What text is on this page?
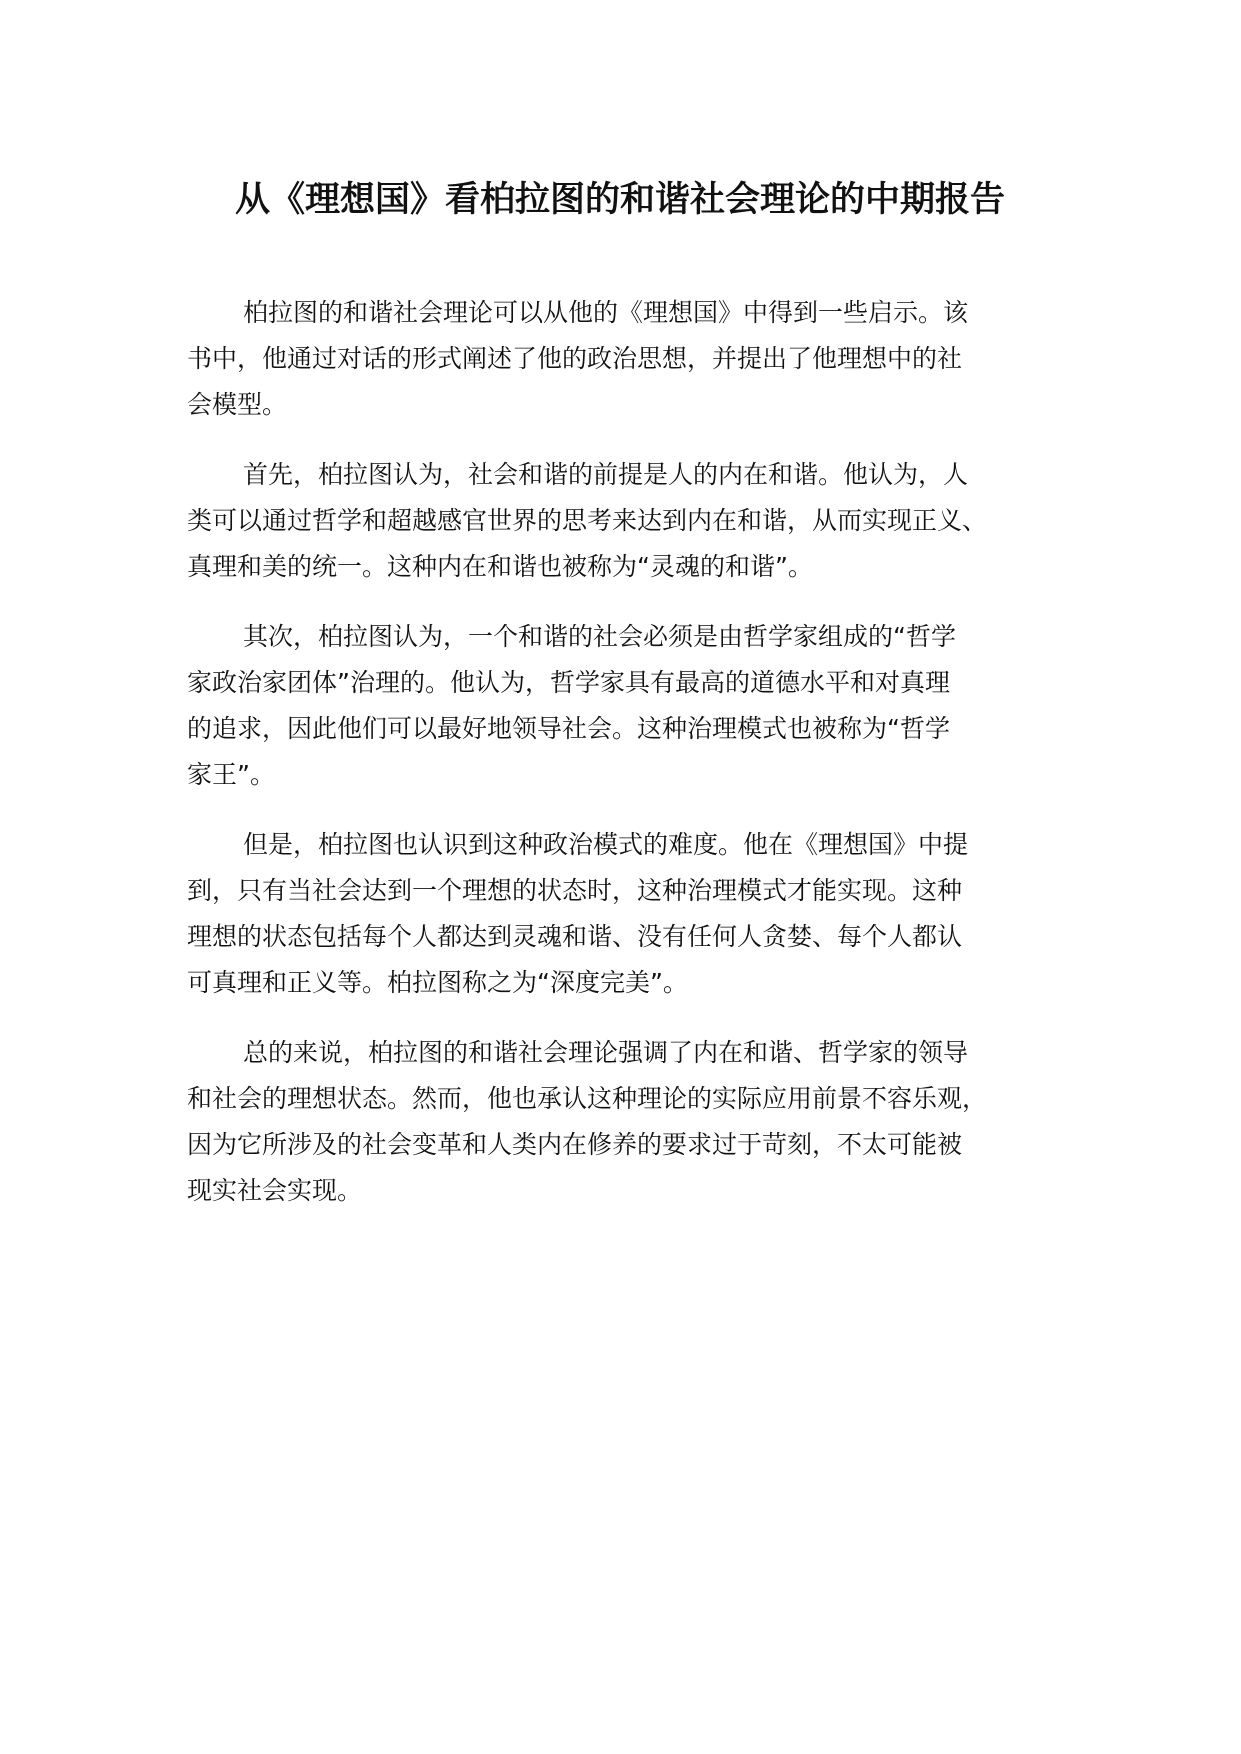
从《理想国》看柏拉图的和谐社会理论的中期报告
柏拉图的和谐社会理论可以从他的《理想国》中得到一些启示。该
书中，他通过对话的形式阐述了他的政治思想，并提出了他理想中的社
会模型。
首先，柏拉图认为，社会和谐的前提是人的内在和谐。他认为，人
类可以通过哲学和超越感官世界的思考来达到内在和谐，从而实现正义、
真理和美的统一。这种内在和谐也被称为“灵魂的和谐”。
其次，柏拉图认为，一个和谐的社会必须是由哲学家组成的“哲学
家政治家团体”治理的。他认为，哲学家具有最高的道德水平和对真理
的追求，因此他们可以最好地领导社会。这种治理模式也被称为“哲学
家王”。
但是，柏拉图也认识到这种政治模式的难度。他在《理想国》中提
到，只有当社会达到一个理想的状态时，这种治理模式才能实现。这种
理想的状态包括每个人都达到灵魂和谐、没有任何人贪婪、每个人都认
可真理和正义等。柏拉图称之为“深度完美”。
总的来说，柏拉图的和谐社会理论强调了内在和谐、哲学家的领导
和社会的理想状态。然而，他也承认这种理论的实际应用前景不容乐观，
因为它所涉及的社会变革和人类内在修养的要求过于苛刻，不太可能被
现实社会实现。
